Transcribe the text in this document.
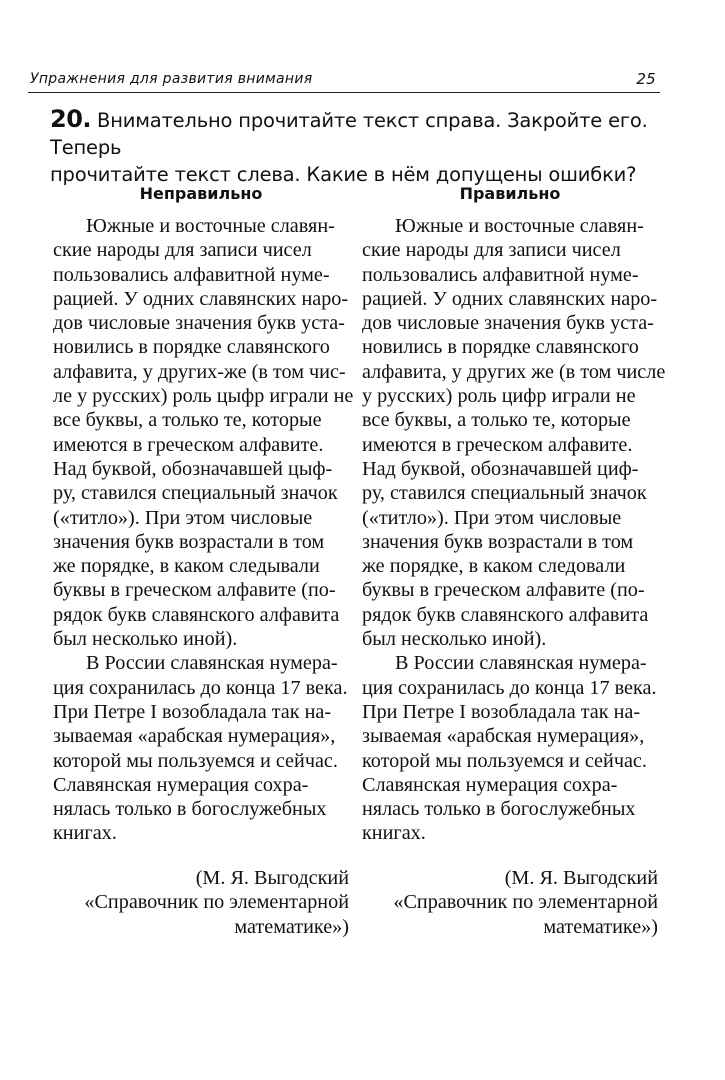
Упражнения для развития внимания	25
20. Внимательно прочитайте текст справа. Закройте его. Теперь
прочитайте текст слева. Какие в нём допущены ошибки?
Неправильно
Южные и восточные славян-
ские народы для записи чисел
пользовались алфавитной нуме-
рацией. У одних славянских наро-
дов числовые значения букв уста-
новились в порядке славянского
алфавита, у других-же (в том чис-
ле у русских) роль цыфр играли не
все буквы, а только те, которые
имеются в греческом алфавите.
Над буквой, обозначавшей цыф-
ру, ставился специальный значок
(«титло»). При этом числовые
значения букв возрастали в том
же порядке, в каком следывали
буквы в греческом алфавите (по-
рядок букв славянского алфавита
был несколько иной).
В России славянская нумера-
ция сохранилась до конца 17 века.
При Петре I возобладала так на-
зываемая «арабская нумерация»,
которой мы пользуемся и сейчас.
Славянская нумерация сохра-
нялась только в богослужебных
книгах.
(М. Я. Выгодский
«Справочник по элементарной
математике»)
Правильно
Южные и восточные славян-
ские народы для записи чисел
пользовались алфавитной нуме-
рацией. У одних славянских наро-
дов числовые значения букв уста-
новились в порядке славянского
алфавита, у других же (в том числе
у русских) роль цифр играли не
все буквы, а только те, которые
имеются в греческом алфавите.
Над буквой, обозначавшей циф-
ру, ставился специальный значок
(«титло»). При этом числовые
значения букв возрастали в том
же порядке, в каком следовали
буквы в греческом алфавите (по-
рядок букв славянского алфавита
был несколько иной).
В России славянская нумера-
ция сохранилась до конца 17 века.
При Петре I возобладала так на-
зываемая «арабская нумерация»,
которой мы пользуемся и сейчас.
Славянская нумерация сохра-
нялась только в богослужебных
книгах.
(М. Я. Выгодский
«Справочник по элементарной
математике»)
